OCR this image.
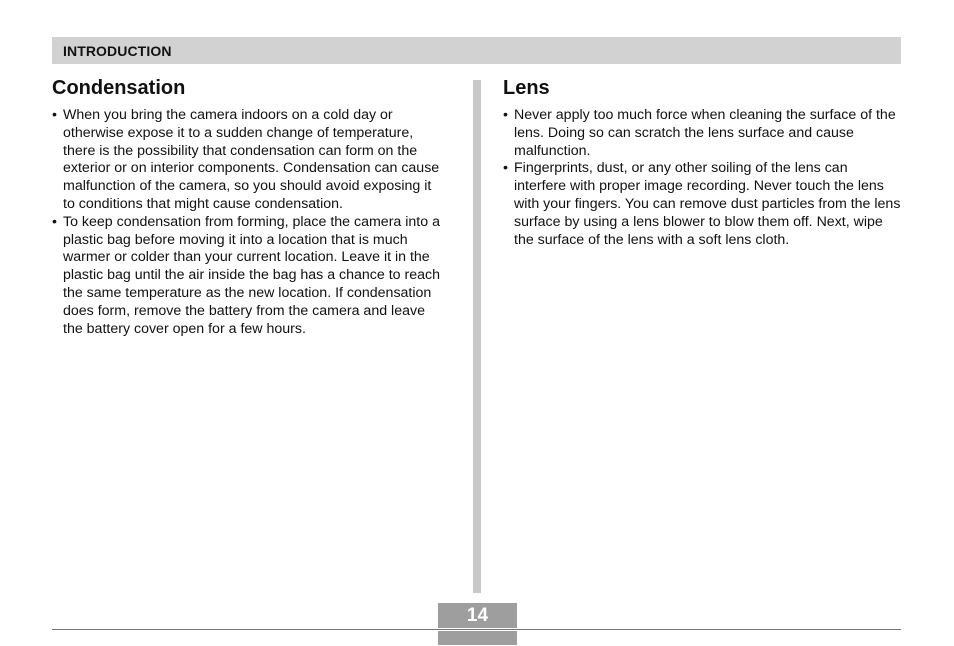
INTRODUCTION
Condensation
• When you bring the camera indoors on a cold day or otherwise expose it to a sudden change of temperature, there is the possibility that condensation can form on the exterior or on interior components. Condensation can cause malfunction of the camera, so you should avoid exposing it to conditions that might cause condensation.
• To keep condensation from forming, place the camera into a plastic bag before moving it into a location that is much warmer or colder than your current location. Leave it in the plastic bag until the air inside the bag has a chance to reach the same temperature as the new location. If condensation does form, remove the battery from the camera and leave the battery cover open for a few hours.
Lens
• Never apply too much force when cleaning the surface of the lens. Doing so can scratch the lens surface and cause malfunction.
• Fingerprints, dust, or any other soiling of the lens can interfere with proper image recording. Never touch the lens with your fingers. You can remove dust particles from the lens surface by using a lens blower to blow them off. Next, wipe the surface of the lens with a soft lens cloth.
14
